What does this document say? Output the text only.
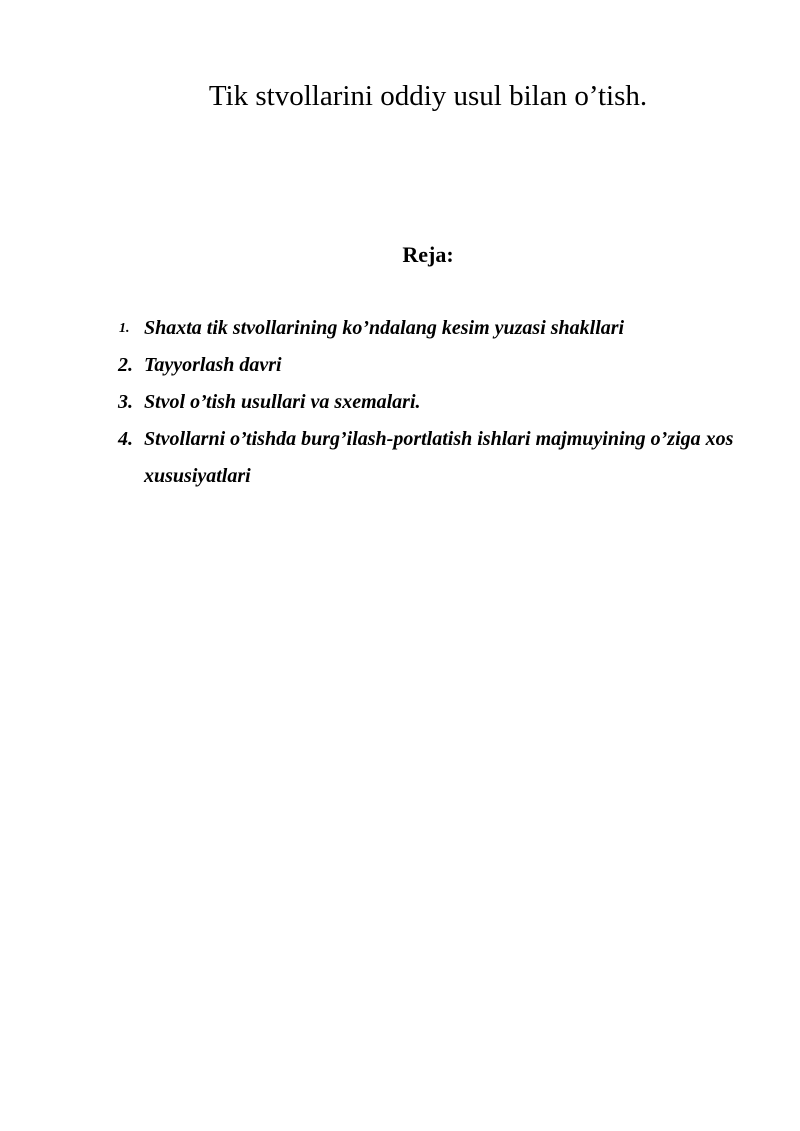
Tik stvollarini oddiy usul bilan o’tish.
Reja:
1. Shaxta tik stvollarining ko’ndalang kesim yuzasi shakllari
2. Tayyorlash davri
3. Stvol o’tish usullari va sxemalari.
4. Stvollarni o’tishda burg’ilash-portlatish ishlari majmuyining o’ziga xos xususiyatlari
